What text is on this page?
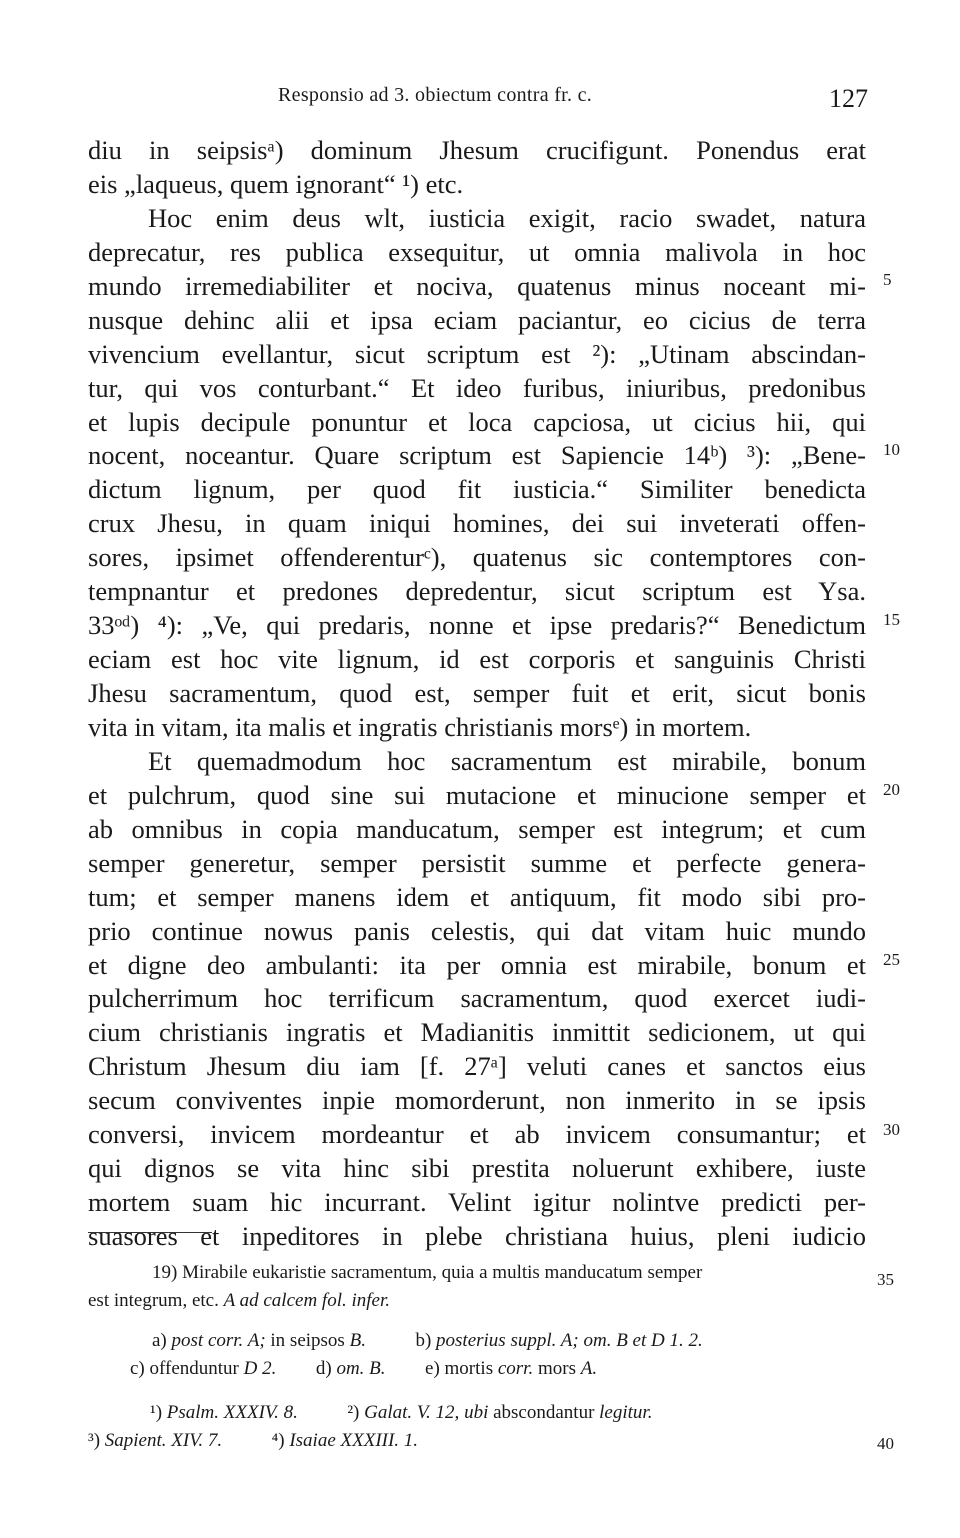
Responsio ad 3. obiectum contra fr. c.	127
diu in seipsisᵃ) dominum Jhesum crucifigunt. Ponendus erat
eis „laqueus, quem ignorant“ ¹) etc.
Hoc enim deus wlt, iusticia exigit, racio swadet, natura
deprecatur, res publica exsequitur, ut omnia malivola in hoc
mundo irremediabiliter et nociva, quatenus minus noceant mi-
nusque dehinc alii et ipsa eciam paciantur, eo cicius de terra
vivencium evellantur, sicut scriptum est ²): „Utinam abscindan-
tur, qui vos conturbant.“ Et ideo furibus, iniuribus, predonibus
et lupis decipule ponuntur et loca capciosa, ut cicius hii, qui
nocent, noceantur. Quare scriptum est Sapiencie 14ᵇ) ³): „Bene-
dictum lignum, per quod fit iusticia.“ Similiter benedicta
crux Jhesu, in quam iniqui homines, dei sui inveterati offen-
sores, ipsimet offenderenturᶜ), quatenus sic contemptores con-
tempnantur et predones depredentur, sicut scriptum est Ysa.
33ᵒᵈ) ⁴): „Ve, qui predaris, nonne et ipse predaris?“ Benedictum
eciam est hoc vite lignum, id est corporis et sanguinis Christi
Jhesu sacramentum, quod est, semper fuit et erit, sicut bonis
vita in vitam, ita malis et ingratis christianis morsᵉ) in mortem.
Et quemadmodum hoc sacramentum est mirabile, bonum
et pulchrum, quod sine sui mutacione et minucione semper et
ab omnibus in copia manducatum, semper est integrum; et cum
semper generetur, semper persistit summe et perfecte genera-
tum; et semper manens idem et antiquum, fit modo sibi pro-
prio continue nowus panis celestis, qui dat vitam huic mundo
et digne deo ambulanti: ita per omnia est mirabile, bonum et
pulcherrimum hoc terrificum sacramentum, quod exercet iudi-
cium christianis ingratis et Madianitis inmittit sedicionem, ut qui
Christum Jhesum diu iam [f. 27ᵃ] veluti canes et sanctos eius
secum conviventes inpie momorderunt, non inmerito in se ipsis
conversi, invicem mordeantur et ab invicem consumantur; et
qui dignos se vita hinc sibi prestita noluerunt exhibere, iuste
mortem suam hic incurrant. Velint igitur nolintve predicti per-
suasores et inpeditores in plebe christiana huius, pleni iudicio
5
10
15
20
25
30
19) Mirabile eukaristie sacramentum, quia a multis manducatum semper	35
est integrum, etc. A ad calcem fol. infer.
a) post corr. A; in seipsos B.	b) posterius suppl. A; om. B et D 1. 2.
c) offenduntur D 2. d) om. B. e) mortis corr. mors A.
¹) Psalm. XXXIV. 8.	²) Galat. V. 12, ubi abscondantur legitur.
³) Sapient. XIV. 7.	⁴) Isaiae XXXIII. 1.	40
